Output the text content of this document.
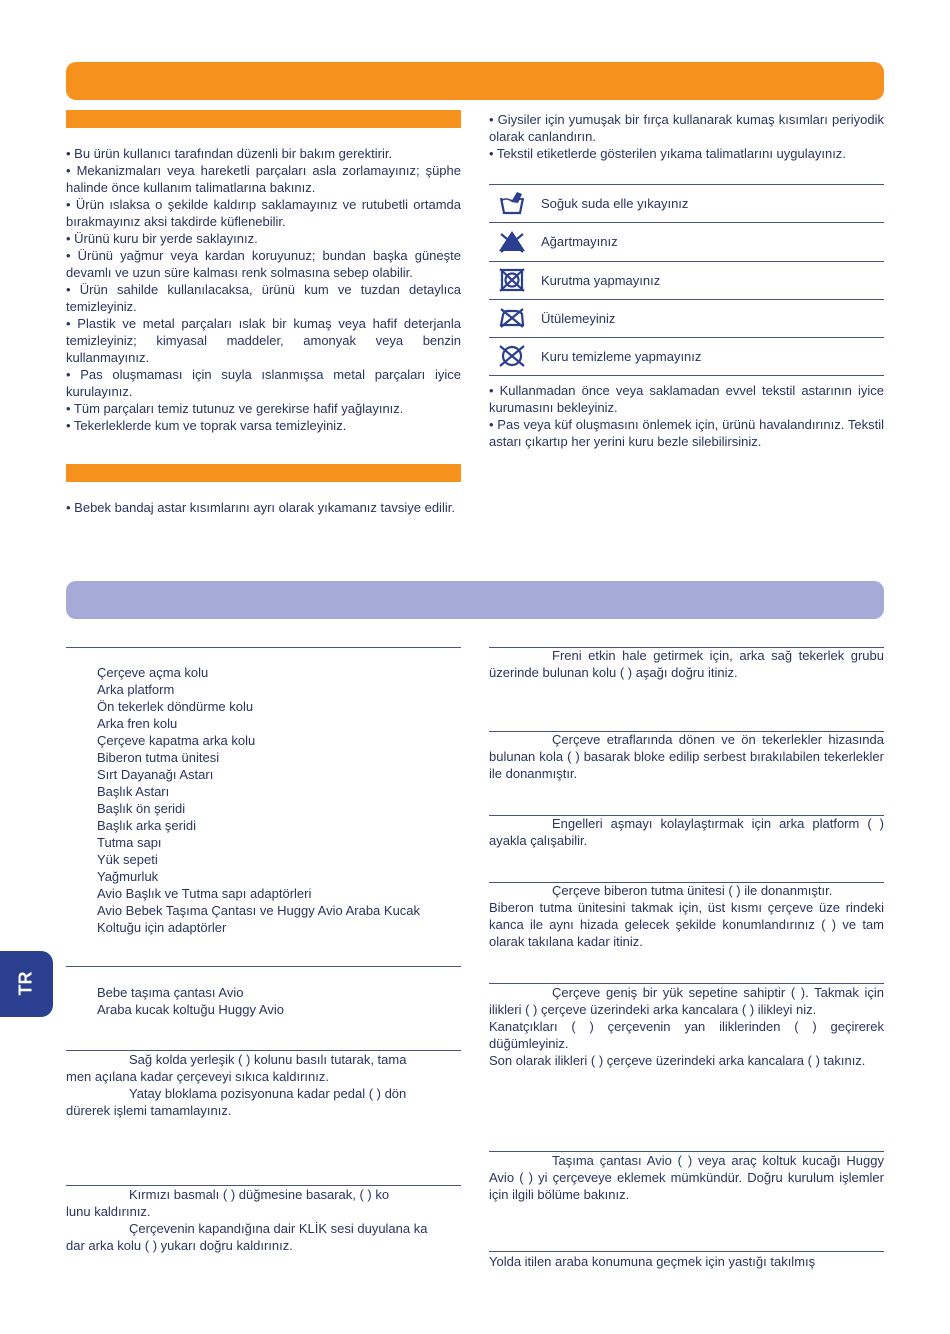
• Bu ürün kullanıcı tarafından düzenli bir bakım gerektirir.

• Mekanizmaları veya hareketli parçaları asla zorlamayınız; şüphe halinde önce kullanım talimatlarına bakınız.

• Ürün ıslaksa o şekilde kaldırıp saklamayınız ve rutubetli ortamda bırakmayınız aksi takdirde küflenebilir.

• Ürünü kuru bir yerde saklayınız.

• Ürünü yağmur veya kardan koruyunuz; bundan başka güneşte devamlı ve uzun süre kalması renk solmasına sebep olabilir.

• Ürün sahilde kullanılacaksa, ürünü kum ve tuzdan detaylıca temizleyiniz.

• Plastik ve metal parçaları ıslak bir kumaş veya hafif deterjanla temizleyiniz; kimyasal maddeler, amonyak veya benzin kullanmayınız.

• Pas oluşmaması için suyla ıslanmışsa metal parçaları iyice kurulayınız.

• Tüm parçaları temiz tutunuz ve gerekirse hafif yağlayınız.

• Tekerleklerde kum ve toprak varsa temizleyiniz.

• Bebek bandaj astar kısımlarını ayrı olarak yıkamanız tavsiye edilir.

• Giysiler için yumuşak bir fırça kullanarak kumaş kısımları periyodik olarak canlandırın.

• Tekstil etiketlerde gösterilen yıkama talimatlarını uygulayınız.

Soğuk suda elle yıkayınız
Ağartmayınız
Kurutma yapmayınız
Ütülemeyiniz
Kuru temizleme yapmayınız

• Kullanmadan önce veya saklamadan evvel tekstil astarının iyice kurumasını bekleyiniz.

• Pas veya küf oluşmasını önlemek için, ürünü havalandırınız. Tekstil astarı çıkartıp her yerini kuru bezle silebilirsiniz.

Çerçeve açma kolu

Arka platform

Ön tekerlek döndürme kolu

Arka fren kolu

Çerçeve kapatma arka kolu

Biberon tutma ünitesi

Sırt Dayanağı Astarı

Başlık Astarı

Başlık ön şeridi

Başlık arka şeridi

Tutma sapı

Yük sepeti

Yağmurluk

Avio Başlık ve Tutma sapı adaptörleri

Avio Bebek Taşıma Çantası ve Huggy Avio Araba Kucak

Koltuğu için adaptörler

Bebe taşıma çantası Avio

Araba kucak koltuğu Huggy Avio

Sağ kolda yerleşik ( ) kolunu basılı tutarak, tama

men açılana kadar çerçeveyi sıkıca kaldırınız.

Yatay bloklama pozisyonuna kadar pedal ( ) dön

dürerek işlemi tamamlayınız.

Kırmızı basmalı ( ) düğmesine basarak, ( ) ko

lunu kaldırınız.

Çerçevenin kapandığına dair KLİK sesi duyulana ka

dar arka kolu ( ) yukarı doğru kaldırınız.

Freni etkin hale getirmek için, arka sağ tekerlek grubu üzerinde bulunan kolu ( ) aşağı doğru itiniz.

Çerçeve etraflarında dönen ve ön tekerlekler hizasında bulunan kola ( ) basarak bloke edilip serbest bırakılabilen tekerlekler ile donanmıştır.

Engelleri aşmayı kolaylaştırmak için arka platform ( ) ayakla çalışabilir.

Çerçeve biberon tutma ünitesi ( ) ile donanmıştır.

Biberon tutma ünitesini takmak için, üst kısmı çerçeve üze rindeki kanca ile aynı hizada gelecek şekilde konumlandırınız ( ) ve tam olarak takılana kadar itiniz.

Çerçeve geniş bir yük sepetine sahiptir ( ). Takmak için ilikleri ( ) çerçeve üzerindeki arka kancalara ( ) ilikleyi niz.

Kanatçıkları ( ) çerçevenin yan iliklerinden ( ) geçirerek düğümleyiniz.

Son olarak ilikleri ( ) çerçeve üzerindeki arka kancalara ( ) takınız.

Taşıma çantası Avio ( ) veya araç koltuk kucağı Huggy Avio ( ) yi çerçeveye eklemek mümkündür. Doğru kurulum işlemler için ilgili bölüme bakınız.

Yolda itilen araba konumuna geçmek için yastığı takılmış

TR
